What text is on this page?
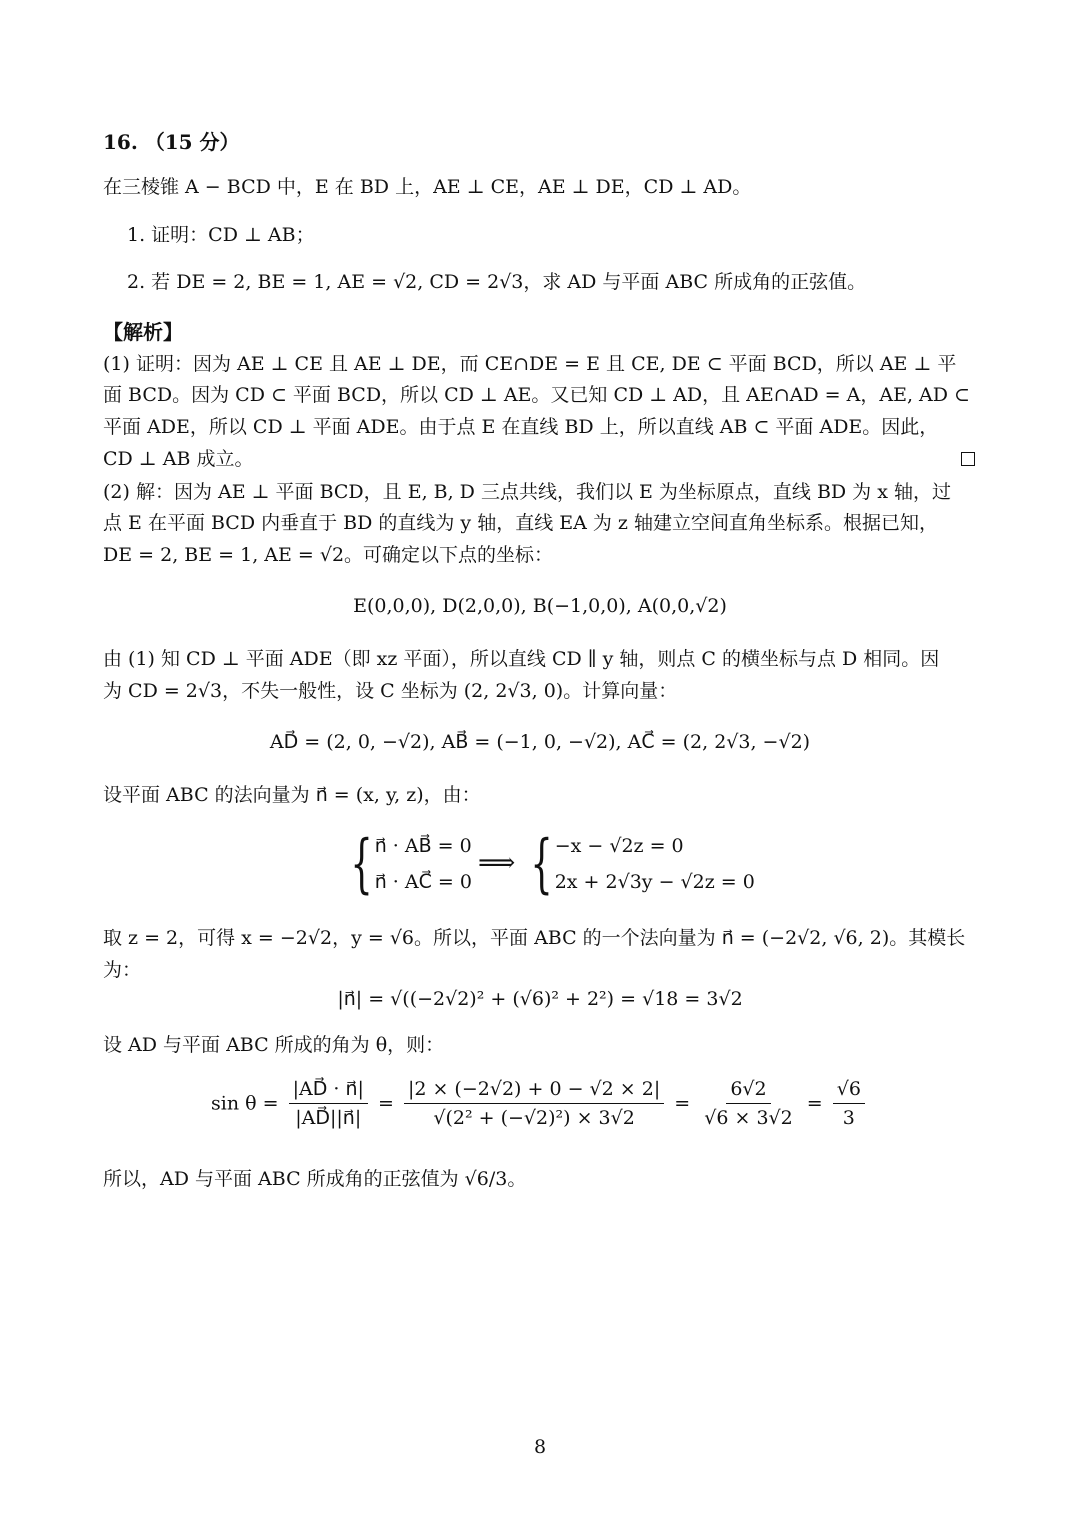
16. （15 分）
在三棱锥 A − BCD 中，E 在 BD 上，AE ⊥ CE，AE ⊥ DE，CD ⊥ AD。
1. 证明：CD ⊥ AB；
2. 若 DE = 2, BE = 1, AE = √2, CD = 2√3，求 AD 与平面 ABC 所成角的正弦值。
【解析】
(1) 证明：因为 AE ⊥ CE 且 AE ⊥ DE，而 CE∩DE = E 且 CE, DE ⊂ 平面 BCD，所以 AE ⊥ 平
面 BCD。因为 CD ⊂ 平面 BCD，所以 CD ⊥ AE。又已知 CD ⊥ AD，且 AE∩AD = A，AE, AD ⊂
平面 ADE，所以 CD ⊥ 平面 ADE。由于点 E 在直线 BD 上，所以直线 AB ⊂ 平面 ADE。因此，
CD ⊥ AB 成立。
(2) 解：因为 AE ⊥ 平面 BCD，且 E, B, D 三点共线，我们以 E 为坐标原点，直线 BD 为 x 轴，过
点 E 在平面 BCD 内垂直于 BD 的直线为 y 轴，直线 EA 为 z 轴建立空间直角坐标系。根据已知，
DE = 2, BE = 1, AE = √2。可确定以下点的坐标：
E(0,0,0), D(2,0,0), B(−1,0,0), A(0,0,√2)
由 (1) 知 CD ⊥ 平面 ADE（即 xz 平面），所以直线 CD ∥ y 轴，则点 C 的横坐标与点 D 相同。因
为 CD = 2√3，不失一般性，设 C 坐标为 (2, 2√3, 0)。计算向量：
AD⃗ = (2, 0, −√2), AB⃗ = (−1, 0, −√2), AC⃗ = (2, 2√3, −√2)
设平面 ABC 的法向量为 n⃗ = (x, y, z)，由：
{ n⃗ · AB⃗ = 0
n⃗ · AC⃗ = 0
⟹ { −x − √2z = 0
2x + 2√3y − √2z = 0
取 z = 2，可得 x = −2√2，y = √6。所以，平面 ABC 的一个法向量为 n⃗ = (−2√2, √6, 2)。其模长
为：
|n⃗| = √((−2√2)² + (√6)² + 2²) = √18 = 3√2
设 AD 与平面 ABC 所成的角为 θ，则：
$\sin \theta = \frac{|AD⃗ \cdot n⃗|}{|AD⃗||n⃗|} = \frac{|2 \times (-2√2) + 0 - √2 \times 2|}{\text{√(2² + (−√2)²) × 3√2}} = \frac{6√2}{√6 \times 3√2} = \frac{√6}{3}$
所以，AD 与平面 ABC 所成角的正弦值为 √6/3。
8
